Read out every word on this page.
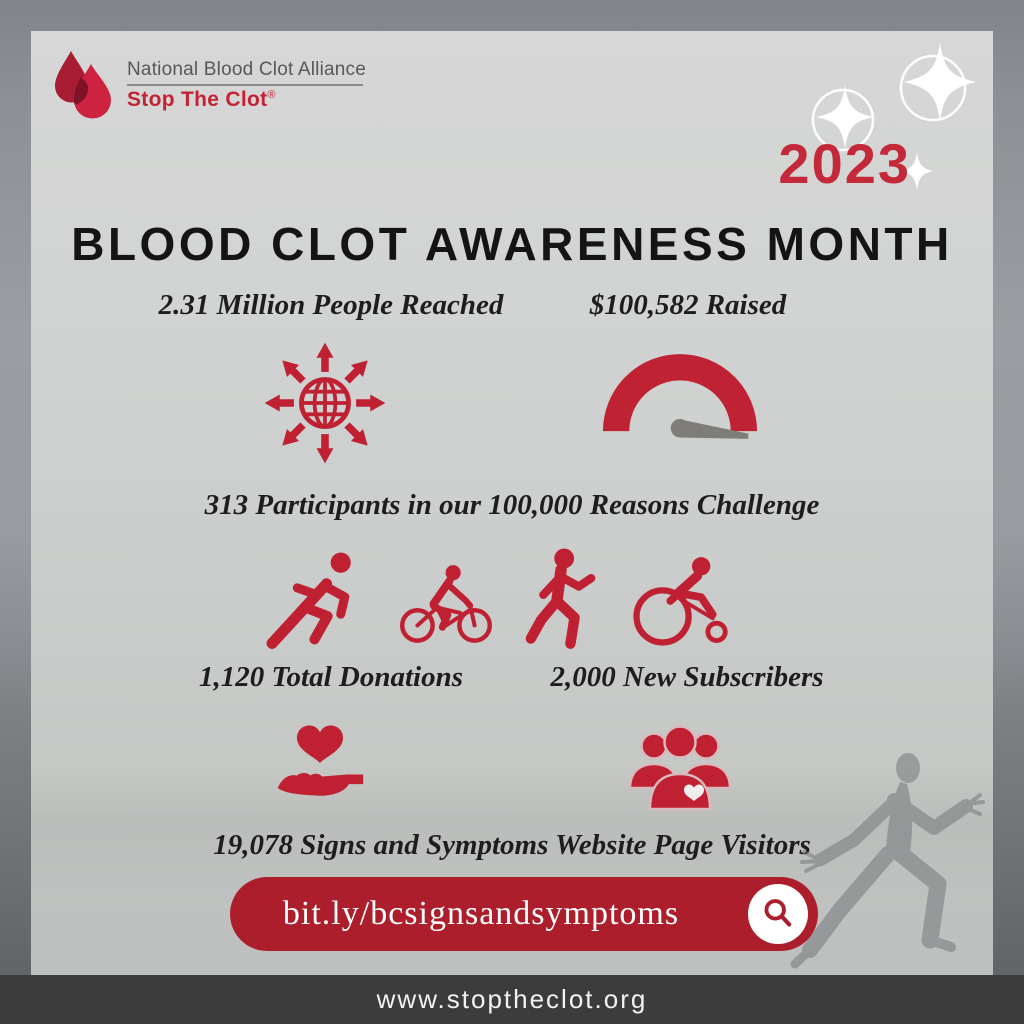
National Blood Clot Alliance
Stop The Clot®
2023
BLOOD CLOT AWARENESS MONTH
2.31 Million People Reached	$100,582 Raised
313 Participants in our 100,000 Reasons Challenge
1,120 Total Donations	2,000 New Subscribers
19,078 Signs and Symptoms Website Page Visitors
bit.ly/bcsignsandsymptoms
www.stoptheclot.org
